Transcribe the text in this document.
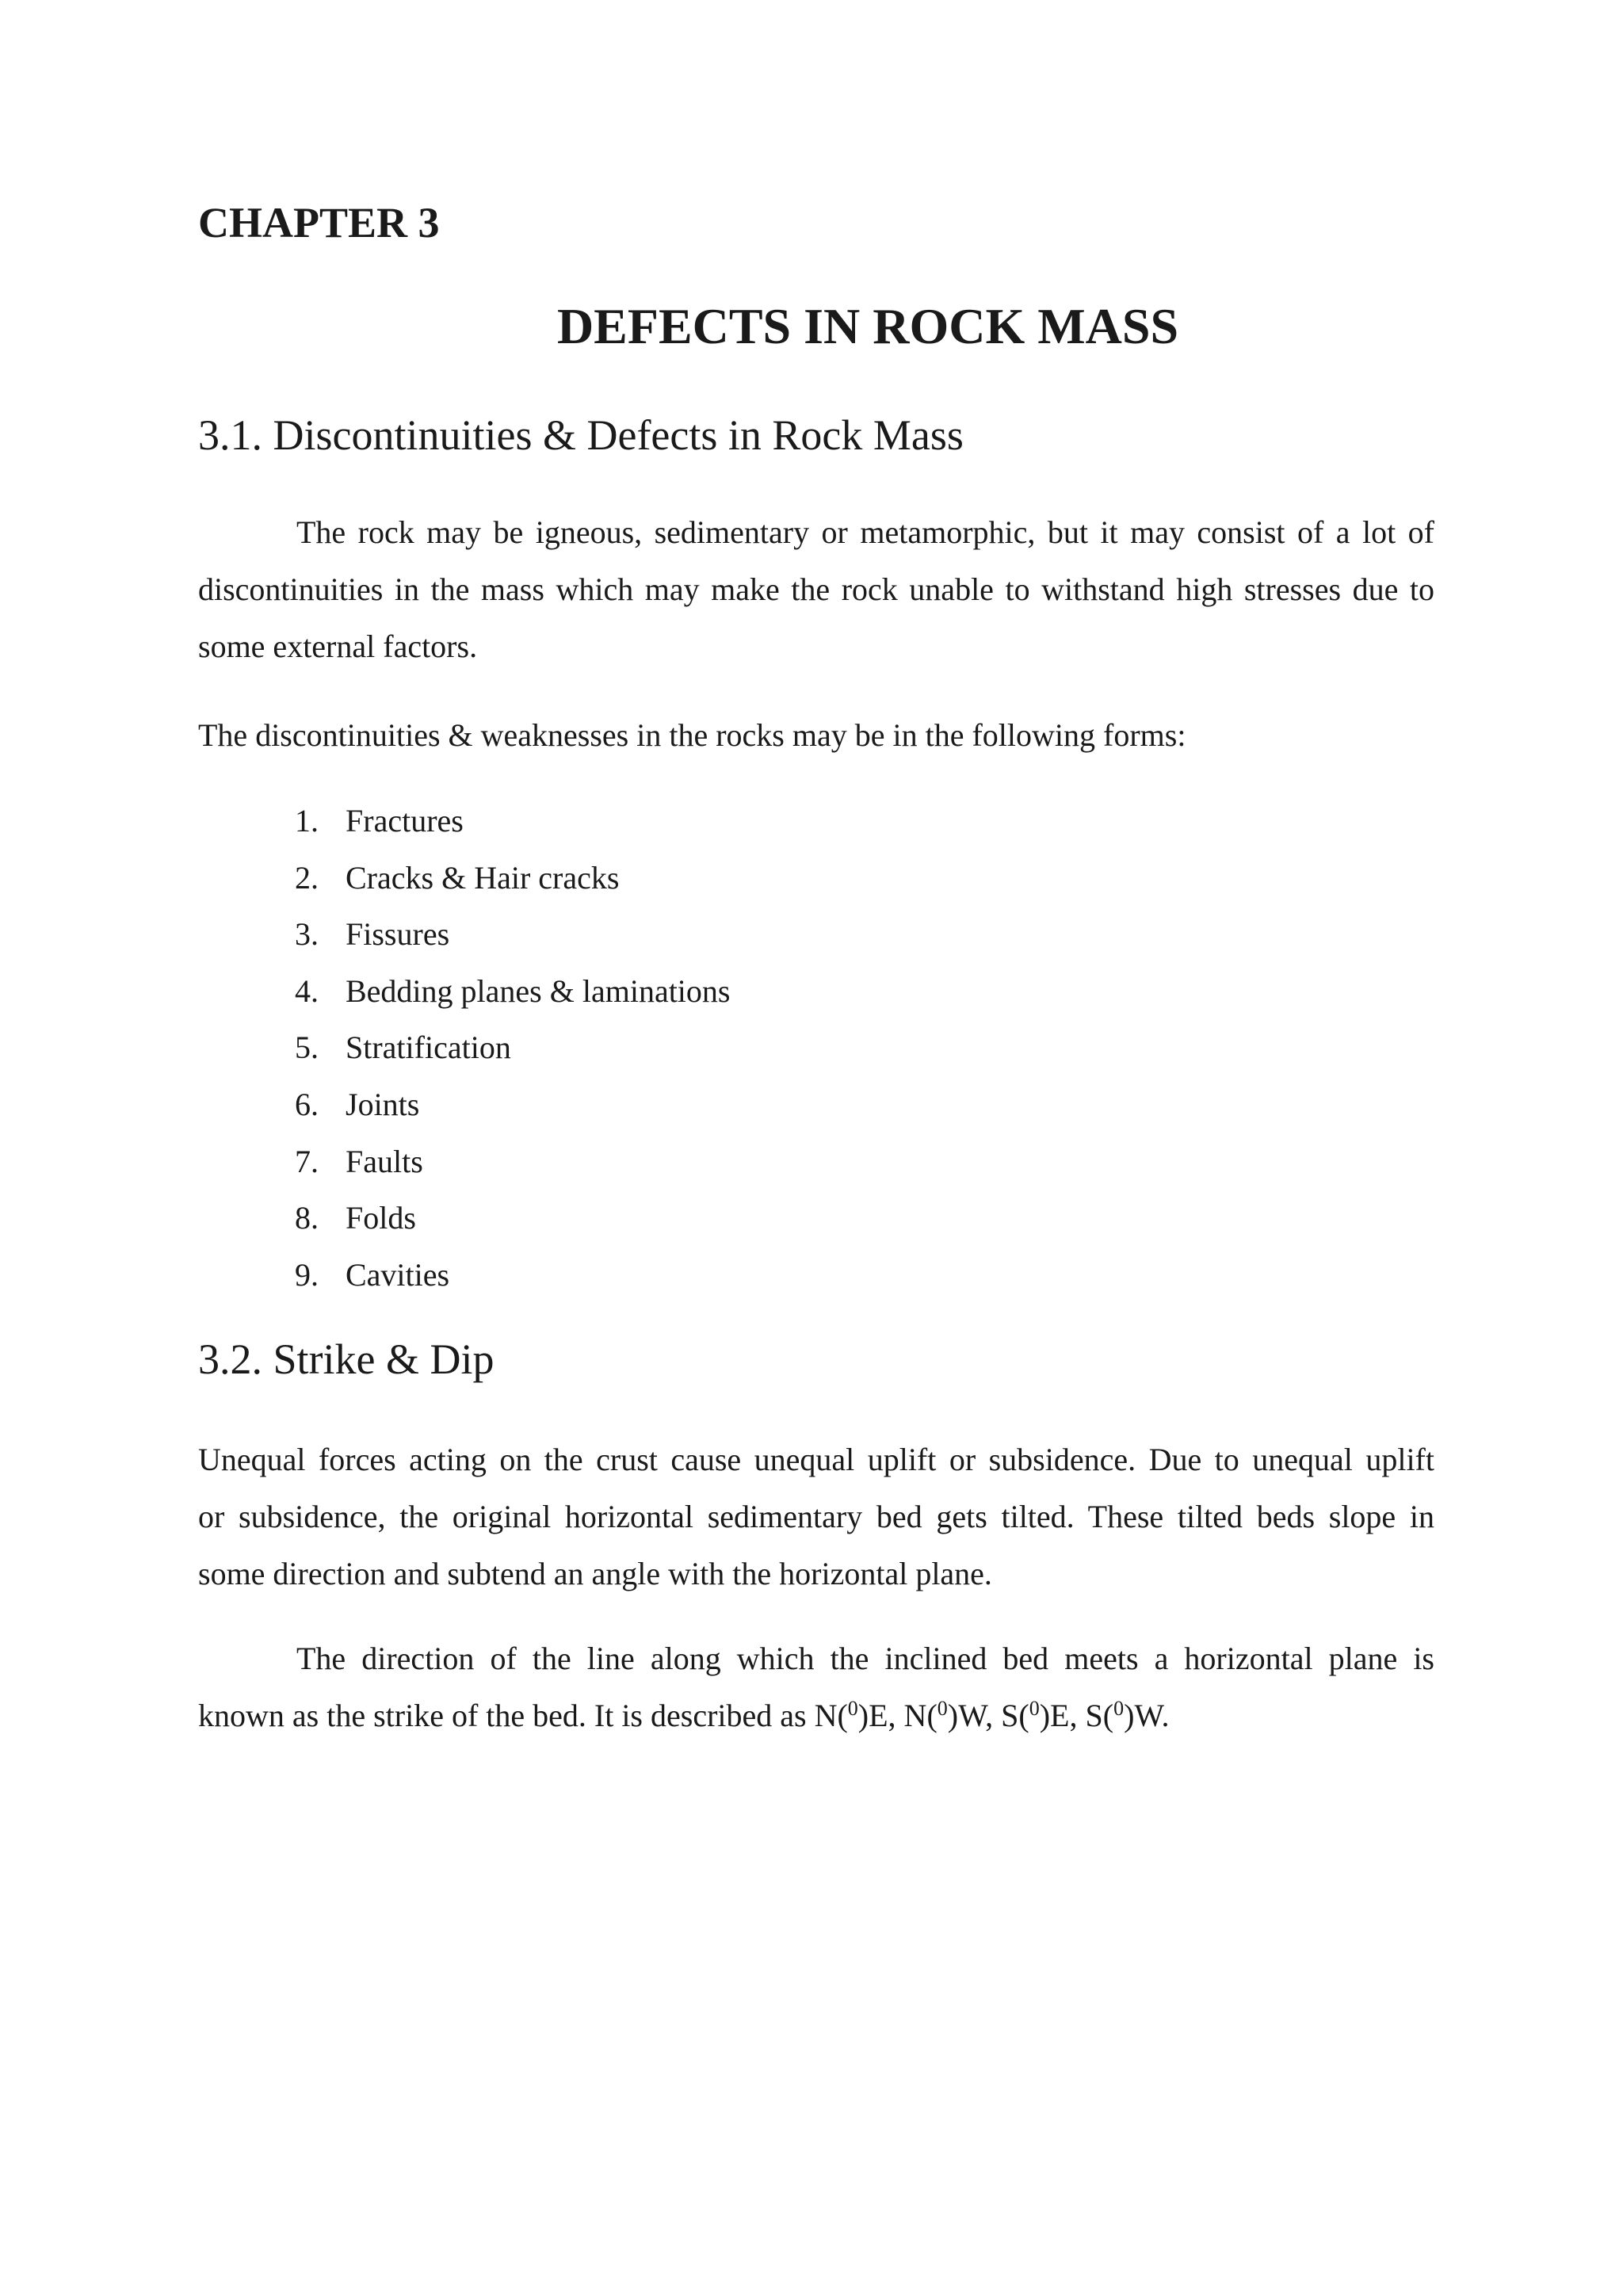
CHAPTER 3
DEFECTS IN ROCK MASS
3.1. Discontinuities & Defects in Rock Mass

The rock may be igneous, sedimentary or metamorphic, but it may consist of a lot of
discontinuities in the mass which may make the rock unable to withstand high stresses due to
some external factors.

The discontinuities & weaknesses in the rocks may be in the following forms:

1. Fractures
2. Cracks & Hair cracks
3. Fissures
4. Bedding planes & laminations
5. Stratification
6. Joints
7. Faults
8. Folds
9. Cavities
3.2. Strike & Dip

Unequal forces acting on the crust cause unequal uplift or subsidence. Due to unequal uplift
or subsidence, the original horizontal sedimentary bed gets tilted. These tilted beds slope in
some direction and subtend an angle with the horizontal plane.

The direction of the line along which the inclined bed meets a horizontal plane is
known as the strike of the bed. It is described as N($^0$)E, N($^0$)W, S($^0$)E, S($^0$)W.
